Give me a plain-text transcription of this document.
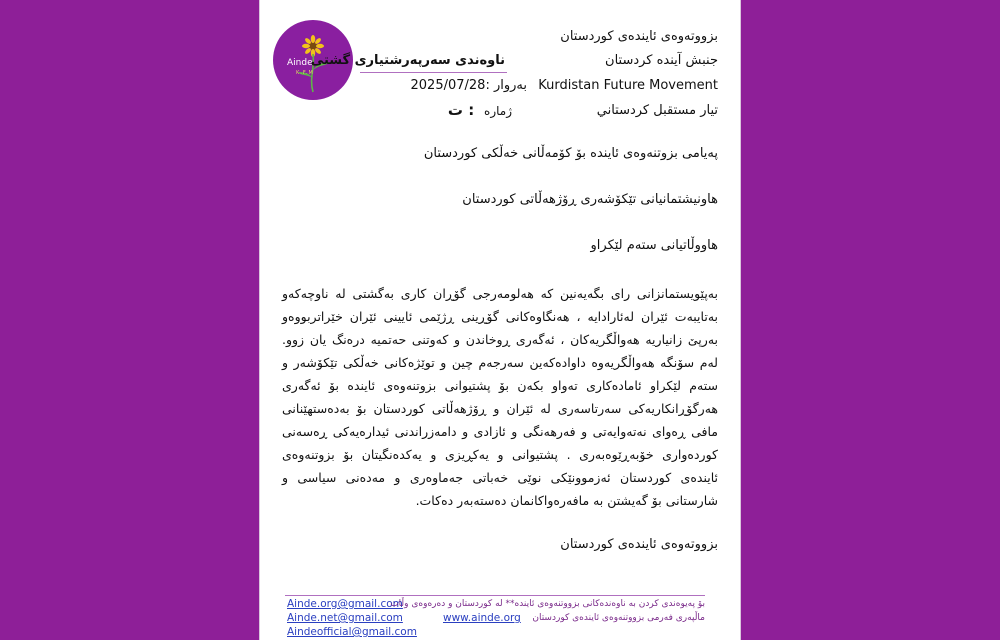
Ainde
K.F.M
بزووتەوەی ئایندەی کوردستان
جنبش آینده کردستان
Kurdistan Future Movement
تيار مستقبل كردستاني
ناوەندی سەرپەرشتیاری گشتی
بەروار :2025/07/28
ژمارە : ت
پەیامی بزوتنەوەی ئایندە بۆ کۆمەڵانی خەڵکی کوردستان
هاونیشتمانیانی تێکۆشەری ڕۆژهەڵاتی کوردستان
هاووڵاتیانی ستەم لێکراو
بەپێویستمانزانی رای بگەیەنین کە هەلومەرجی گۆڕان کاری بەگشتی لە ناوچەکەو بەتایبەت ئێران لەئارادایە ، هەنگاوەکانی گۆڕینی ڕژێمی ئایینی ئێران خێراتربووەو بەرپێ زانیاریە هەواڵگریەکان ، ئەگەری ڕوخاندن و کەوتنی حەتمیە درەنگ یان زوو. لەم سۆنگە هەواڵگریەوە داوادەکەین سەرجەم چین و توێژەکانی خەڵکی تێکۆشەر و ستەم لێکراو ئامادەکاری تەواو بکەن بۆ پشتیوانی بزوتنەوەی ئایندە بۆ ئەگەری هەرگۆڕانکاریەکی سەرتاسەری لە ئێران و ڕۆژهەڵاتی کوردستان بۆ بەدەستهێنانی مافی ڕەوای نەتەوایەتی و فەرهەنگی و ئازادی و دامەزراندنی ئیدارەیەکی ڕەسەنی کوردەواری خۆبەڕێوەبەری . پشتیوانی و یەکڕیزی و یەکدەنگیتان بۆ بزوتنەوەی ئایندەی کوردستان ئەزموونێکی نوێی خەباتی جەماوەری و مەدەنی سیاسی و شارستانی بۆ گەیشتن بە مافەرەواکانمان دەستەبەر دەکات.
بزووتەوەی ئایندەی کوردستان
Ainde.org@gmail.com
Ainde.net@gmail.com
Aindeofficial@gmail.com
www.ainde.org
بۆ پەیوەندی کردن بە ناوەندەکانی بزووتنەوەی ئایندە** لە کوردستان و دەرەوەی وڵات
ماڵپەری فەرمی بزووتنەوەی ئایندەی کوردستان
